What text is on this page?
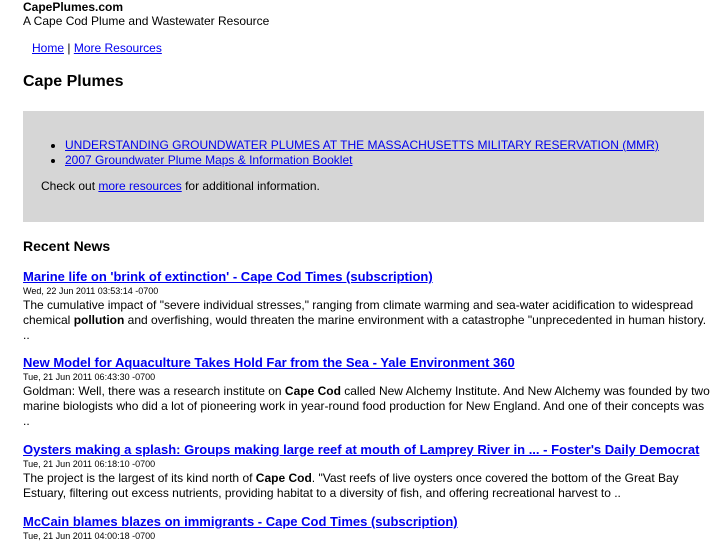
CapePlumes.com
A Cape Cod Plume and Wastewater Resource
Home | More Resources
Cape Plumes
• UNDERSTANDING GROUNDWATER PLUMES AT THE MASSACHUSETTS MILITARY RESERVATION (MMR)
• 2007 Groundwater Plume Maps & Information Booklet
Check out more resources for additional information.
Recent News
Marine life on 'brink of extinction' - Cape Cod Times (subscription)
Wed, 22 Jun 2011 03:53:14 -0700

The cumulative impact of "severe individual stresses," ranging from climate warming and sea-water acidification to widespread chemical pollution and overfishing, would threaten the marine environment with a catastrophe "unprecedented in human history. ..

New Model for Aquaculture Takes Hold Far from the Sea - Yale Environment 360
Tue, 21 Jun 2011 06:43:30 -0700

Goldman: Well, there was a research institute on Cape Cod called New Alchemy Institute. And New Alchemy was founded by two marine biologists who did a lot of pioneering work in year-round food production for New England. And one of their concepts was ..

Oysters making a splash: Groups making large reef at mouth of Lamprey River in ... - Foster's Daily Democrat
Tue, 21 Jun 2011 06:18:10 -0700

The project is the largest of its kind north of Cape Cod. "Vast reefs of live oysters once covered the bottom of the Great Bay Estuary, filtering out excess nutrients, providing habitat to a diversity of fish, and offering recreational harvest to ..

McCain blames blazes on immigrants - Cape Cod Times (subscription)
Tue, 21 Jun 2011 04:00:18 -0700
